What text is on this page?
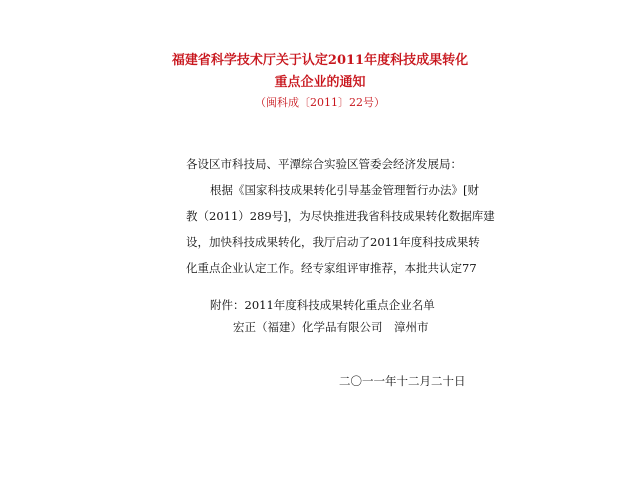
福建省科学技术厅关于认定2011年度科技成果转化
重点企业的通知
（闽科成〔2011〕22号）
各设区市科技局、平潭综合实验区管委会经济发展局：
根据《国家科技成果转化引导基金管理暂行办法》[财
教（2011）289号]，为尽快推进我省科技成果转化数据库建
设，加快科技成果转化，我厅启动了2011年度科技成果转
化重点企业认定工作。经专家组评审推荐，本批共认定77
附件：2011年度科技成果转化重点企业名单
宏正（福建）化学品有限公司　漳州市
二〇一一年十二月二十日
